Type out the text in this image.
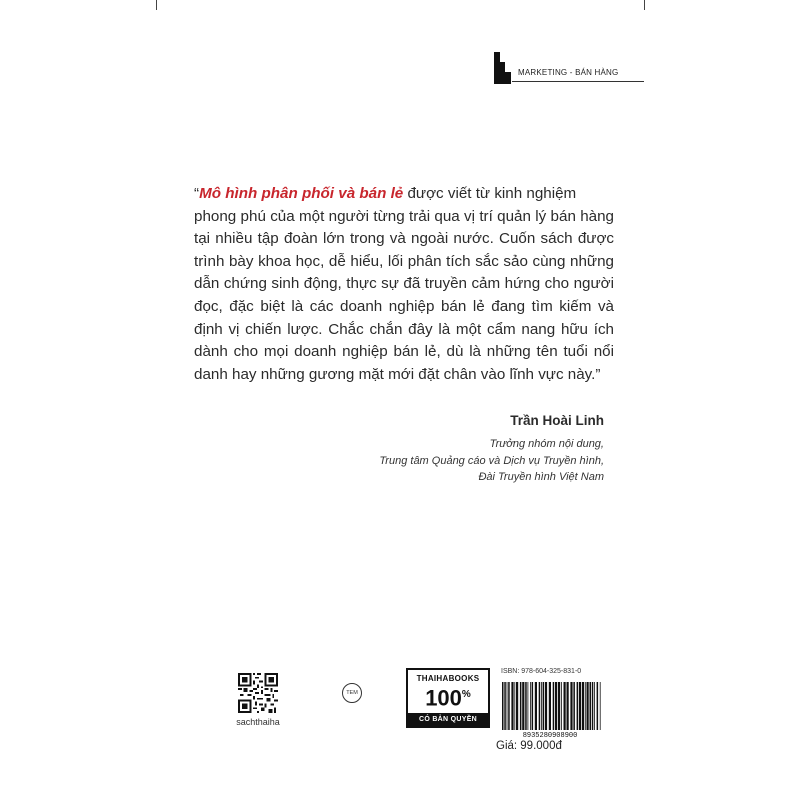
MARKETING - BÁN HÀNG
“Mô hình phân phối và bán lẻ được viết từ kinh nghiệm
phong phú của một người từng trải qua vị trí quản lý bán hàng
tại nhiều tập đoàn lớn trong và ngoài nước. Cuốn sách được
trình bày khoa học, dễ hiểu, lối phân tích sắc sảo cùng những
dẫn chứng sinh động, thực sự đã truyền cảm hứng cho người
đọc, đặc biệt là các doanh nghiệp bán lẻ đang tìm kiếm và
định vị chiến lược. Chắc chắn đây là một cẩm nang hữu ích
dành cho mọi doanh nghiệp bán lẻ, dù là những tên tuổi nổi
danh hay những gương mặt mới đặt chân vào lĩnh vực này.”
Trần Hoài Linh
Trưởng nhóm nội dung,
Trung tâm Quảng cáo và Dịch vụ Truyền hình,
Đài Truyền hình Việt Nam
sachthaiha
TEM
THAIHABOOKS
100%
CÓ BẢN QUYỀN
ISBN: 978-604-325-831-0
8935280908900
Giá: 99.000đ
